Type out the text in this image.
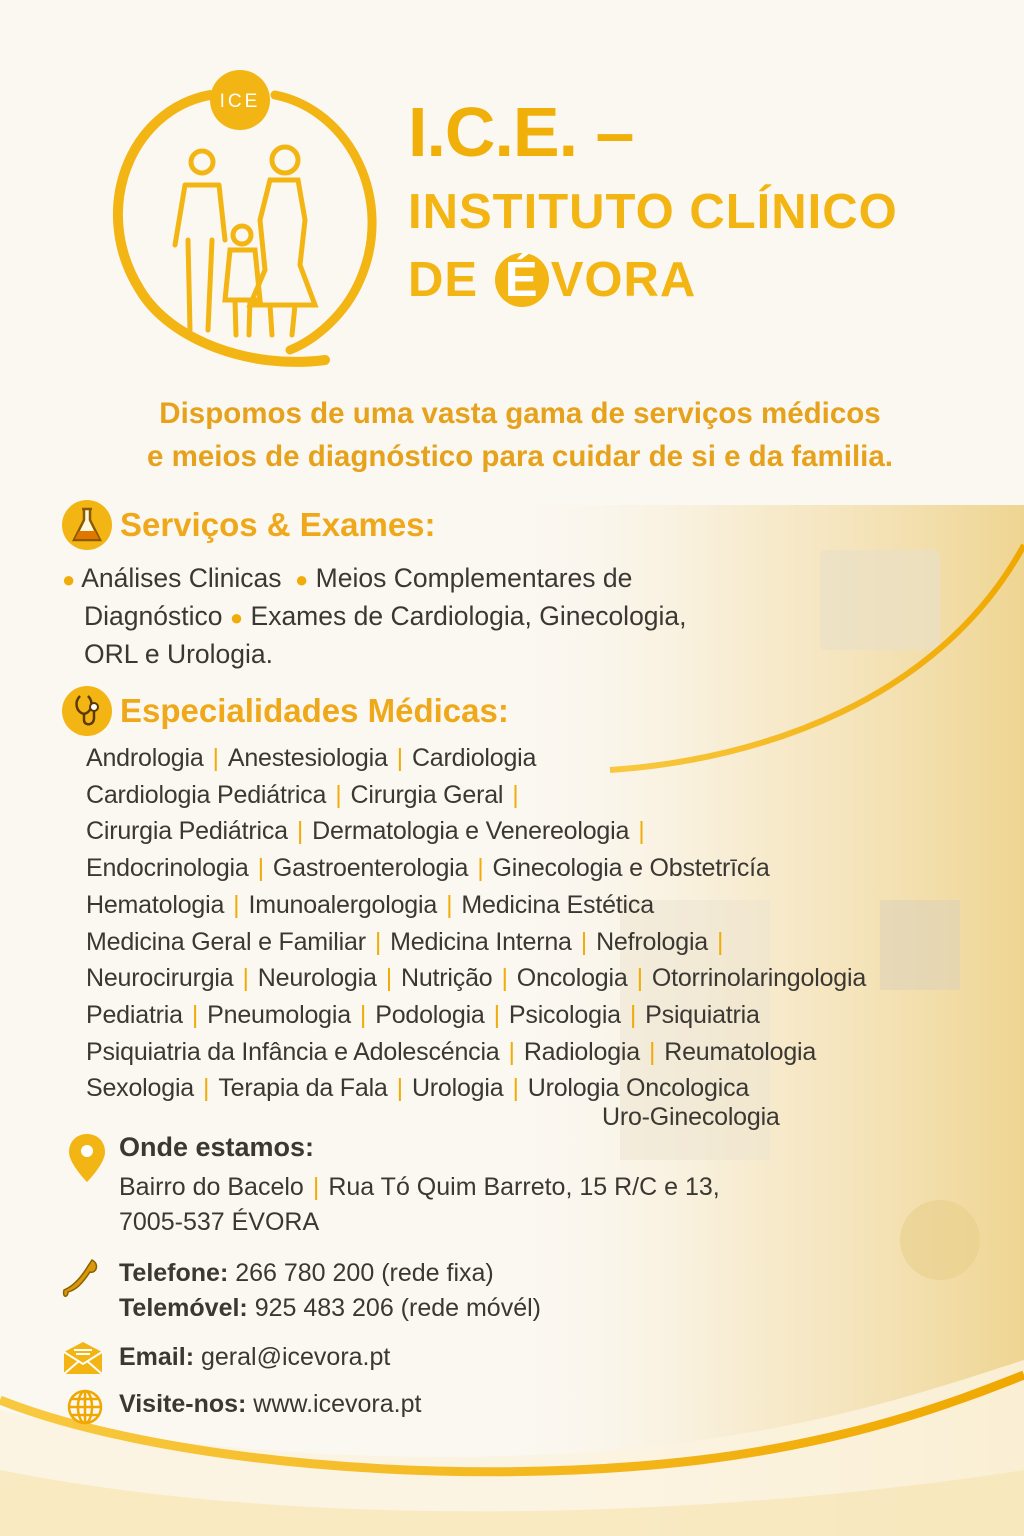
ICE I.C.E. –
INSTITUTO CLÍNICO
DE
É VORA
Dispomos de uma vasta gama de serviços médicos
e meios de diagnóstico para cuidar de si e da familia.
Serviços & Exames:
● Análises Clinicas  ● Meios Complementares de Diagnóstico ● Exames de Cardiologia, Ginecologia, ORL e Urologia.
Especialidades Médicas:
Andrologia | Anestesiologia | Cardiologia
Cardiologia Pediátrica | Cirurgia Geral |
Cirurgia Pediátrica | Dermatologia e Venereologia |
Endocrinologia | Gastroenterologia | Ginecologia e Obstetrīcía
Hematologia | Imunoalergologia | Medicina Estética
Medicina Geral e Familiar | Medicina Interna | Nefrologia |
Neurocirurgia | Neurologia | Nutrição | Oncologia | Otorrinolaringologia
Pediatria | Pneumologia | Podologia | Psicologia | Psiquiatria
Psiquiatria da Infância e Adolescéncia | Radiologia | Reumatologia
Sexologia | Terapia da Fala | Urologia | Urologia Oncologica
Uro-Ginecologia
Onde estamos:
Bairro do Bacelo | Rua Tó Quim Barreto, 15 R/C e 13,
7005-537 ÉVORA
Telefone: 266 780 200 (rede fixa)
Telemóvel: 925 483 206 (rede móvél)
Email: geral@icevora.pt
Visite-nos: www.icevora.pt
